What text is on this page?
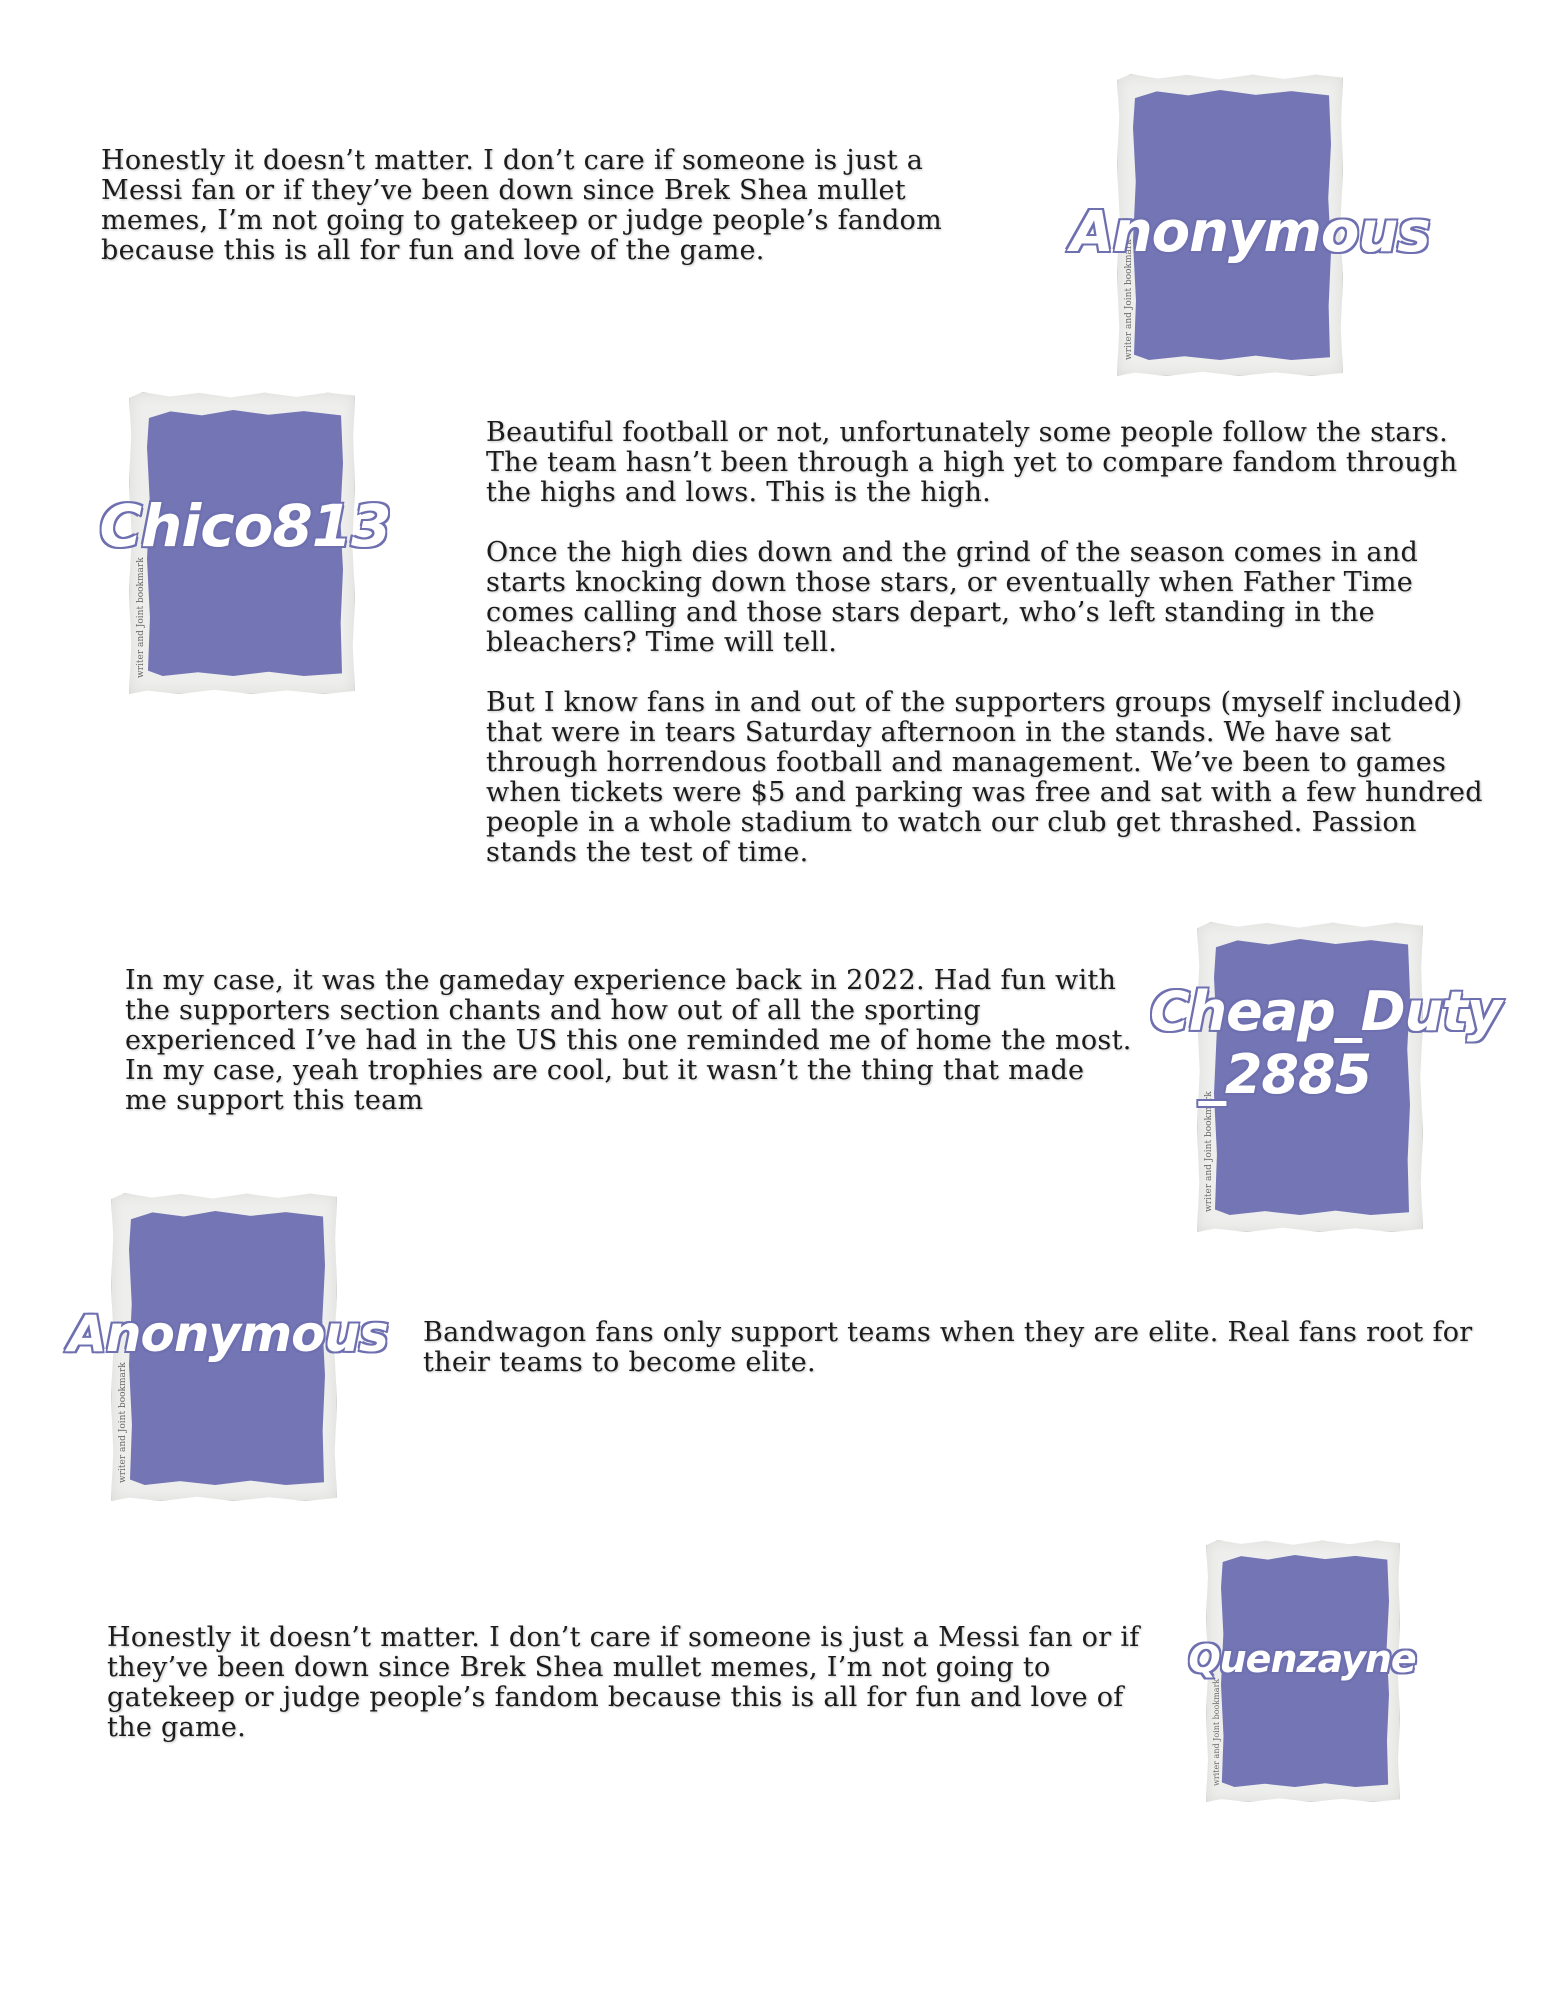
Honestly it doesn’t matter. I don’t care if someone is just a Messi fan or if they’ve been down since Brek Shea mullet memes, I’m not going to gatekeep or judge people’s fandom because this is all for fun and love of the game.	writer and Joint bookmark
Anonymous
writer and Joint bookmark
Chico813

Beautiful football or not, unfortunately some people follow the stars. The team hasn’t been through a high yet to compare fandom through the highs and lows. This is the high.

Once the high dies down and the grind of the season comes in and starts knocking down those stars, or eventually when Father Time comes calling and those stars depart, who’s left standing in the bleachers? Time will tell.

But I know fans in and out of the supporters groups (myself included) that were in tears Saturday afternoon in the stands. We have sat through horrendous football and management. We’ve been to games when tickets were $5 and parking was free and sat with a few hundred people in a whole stadium to watch our club get thrashed. Passion stands the test of time.

In my case, it was the gameday experience back in 2022. Had fun with the supporters section chants and how out of all the sporting experienced I’ve had in the US this one reminded me of home the most. In my case, yeah trophies are cool, but it wasn’t the thing that made me support this team	writer and Joint bookmark
Cheap_Duty
_2885
writer and Joint bookmark
Anonymous	Bandwagon fans only support teams when they are elite. Real fans root for their teams to become elite.

Honestly it doesn’t matter. I don’t care if someone is just a Messi fan or if they’ve been down since Brek Shea mullet memes, I’m not going to gatekeep or judge people’s fandom because this is all for fun and love of the game.	writer and Joint bookmark
Quenzayne
